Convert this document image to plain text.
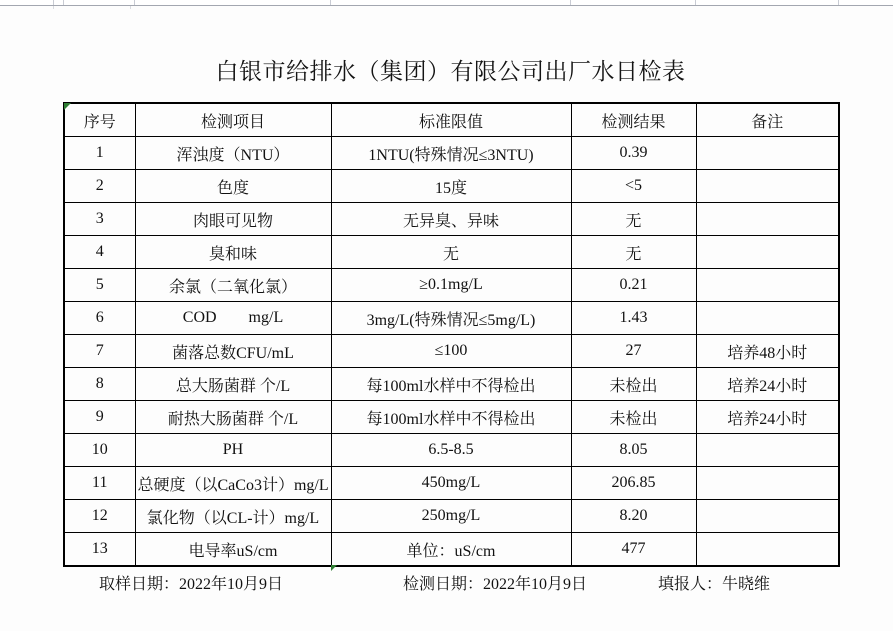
白银市给排水（集团）有限公司出厂水日检表
序号	检测项目	标准限值	检测结果	备注
1	浑浊度（NTU）	1NTU(特殊情况≤3NTU)	0.39	
2	色度	15度	<5	
3	肉眼可见物	无异臭、异味	无	
4	臭和味	无	无	
5	余氯（二氧化氯）	≥0.1mg/L	0.21	
6	COD        mg/L	3mg/L(特殊情况≤5mg/L)	1.43	
7	菌落总数CFU/mL	≤100	27	培养48小时
8	总大肠菌群 个/L	每100ml水样中不得检出	未检出	培养24小时
9	耐热大肠菌群 个/L	每100ml水样中不得检出	未检出	培养24小时
10	PH	6.5-8.5	8.05	
11	总硬度（以CaCo3计）mg/L	450mg/L	206.85	
12	氯化物（以CL-计）mg/L	250mg/L	8.20	
13	电导率uS/cm	单位：uS/cm	477	
取样日期：2022年10月9日	检测日期：2022年10月9日	填报人：牛晓维
